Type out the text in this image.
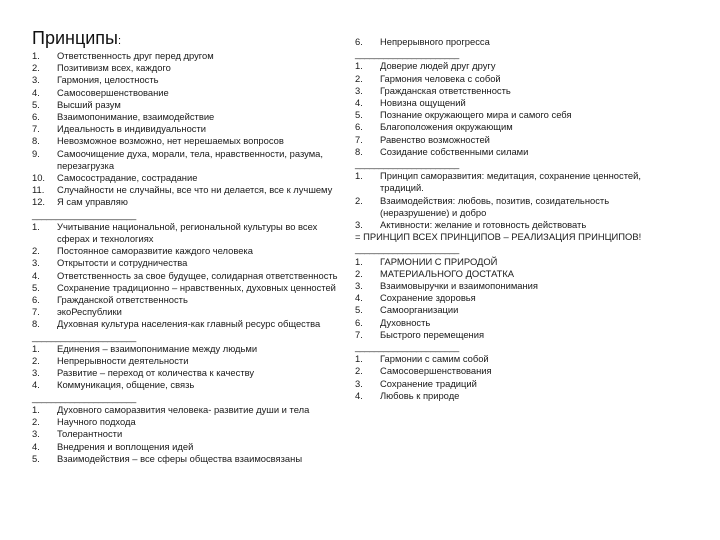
Принципы:
1.	Ответственность друг перед другом
2.	Позитивизм всех, каждого
3.	Гармония, целостность
4.	Самосовершенствование
5.	Высший разум
6.	Взаимопонимание, взаимодействие
7.	Идеальность в индивидуальности
8.	Невозможное возможно, нет нерешаемых вопросов
9.	Самоочищение духа, морали, тела, нравственности, разума,
перезагрузка
10.	Самосострадание, сострадание
11.	Случайности не случайны, все что ни делается, все к лучшему
12.	Я сам управляю
______________________
1.	Учитывание национальной, региональной культуры во всех
сферах и технологиях
2.	Постоянное саморазвитие каждого человека
3.	Открытости и сотрудничества
4.	Ответственность за свое будущее, солидарная ответственность
5.	Сохранение традиционно – нравственных, духовных ценностей
6.	Гражданской ответственность
7.	экоРеспублики
8.	Духовная культура населения-как главный ресурс общества
______________________
1.	Единения – взаимопонимание между людьми
2.	Непрерывности деятельности
3.	Развитие – переход от количества к качеству
4.	Коммуникация, общение, связь
______________________
1.	Духовного саморазвития человека- развитие души и тела
2.	Научного подхода
3.	Толерантности
4.	Внедрения и воплощения идей
5.	Взаимодействия – все сферы общества взаимосвязаны
6.	Непрерывного прогресса
______________________
1.	Доверие людей друг другу
2.	Гармония человека с собой
3.	Гражданская ответственность
4.	Новизна ощущений
5.	Познание окружающего мира и самого себя
6.	Благоположения окружающим
7.	Равенство возможностей
8.	Созидание собственными силами
______________________
1.	Принцип саморазвития: медитация, сохранение ценностей,
традиций.
2.	Взаимодействия: любовь, позитив, созидательность
(неразрушение) и добро
3.	Активности: желание и готовность действовать
= ПРИНЦИП ВСЕХ ПРИНЦИПОВ – РЕАЛИЗАЦИЯ ПРИНЦИПОВ!
______________________
1.	ГАРМОНИИ С ПРИРОДОЙ
2.	МАТЕРИАЛЬНОГО ДОСТАТКА
3.	Взаимовыручки и взаимопонимания
4.	Сохранение здоровья
5.	Самоорганизации
6.	Духовность
7.	Быстрого перемещения
______________________
1.	Гармонии с самим собой
2.	Самосовершенствования
3.	Сохранение традиций
4.	Любовь к природе
